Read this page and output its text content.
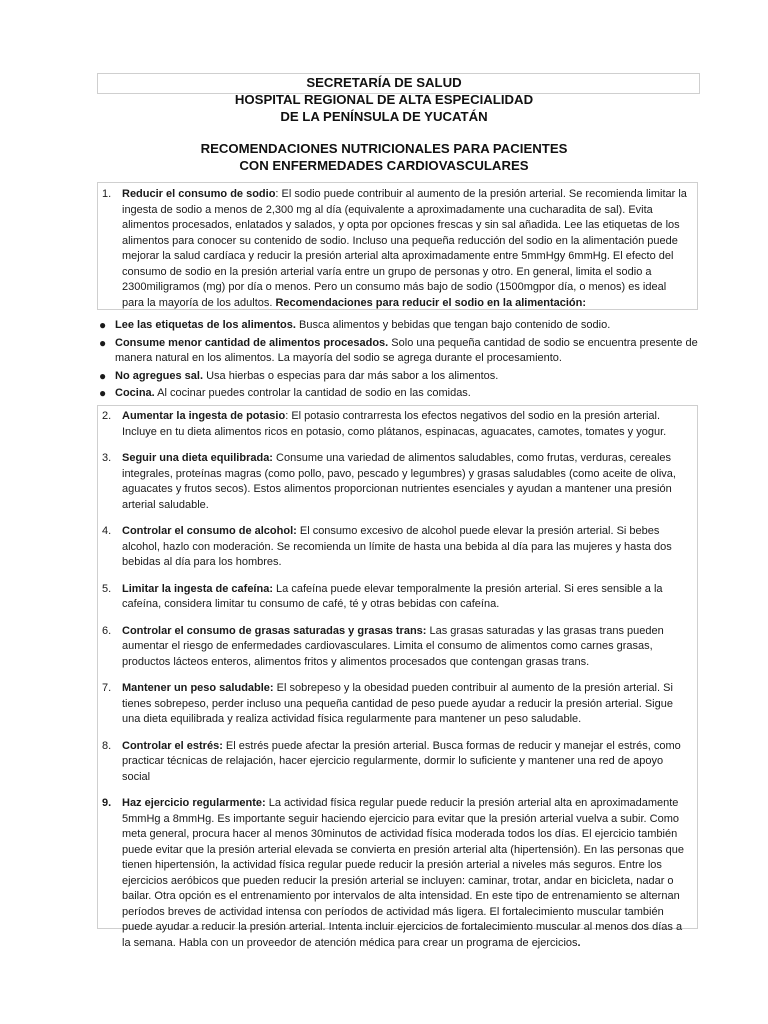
SECRETARÍA DE SALUD
HOSPITAL REGIONAL DE ALTA ESPECIALIDAD
DE LA PENÍNSULA DE YUCATÁN
RECOMENDACIONES NUTRICIONALES PARA PACIENTES
CON ENFERMEDADES CARDIOVASCULARES
1. Reducir el consumo de sodio: El sodio puede contribuir al aumento de la presión arterial. Se recomienda limitar la ingesta de sodio a menos de 2,300 mg al día (equivalente a aproximadamente una cucharadita de sal). Evita alimentos procesados, enlatados y salados, y opta por opciones frescas y sin sal añadida. Lee las etiquetas de los alimentos para conocer su contenido de sodio. Incluso una pequeña reducción del sodio en la alimentación puede mejorar la salud cardíaca y reducir la presión arterial alta aproximadamente entre 5mmHgy 6mmHg. El efecto del consumo de sodio en la presión arterial varía entre un grupo de personas y otro. En general, limita el sodio a 2300miligramos (mg) por día o menos. Pero un consumo más bajo de sodio (1500mgpor día, o menos) es ideal para la mayoría de los adultos. Recomendaciones para reducir el sodio en la alimentación:
● Lee las etiquetas de los alimentos. Busca alimentos y bebidas que tengan bajo contenido de sodio.
● Consume menor cantidad de alimentos procesados. Solo una pequeña cantidad de sodio se encuentra presente de manera natural en los alimentos. La mayoría del sodio se agrega durante el procesamiento.
● No agregues sal. Usa hierbas o especias para dar más sabor a los alimentos.
● Cocina. Al cocinar puedes controlar la cantidad de sodio en las comidas.
2. Aumentar la ingesta de potasio: El potasio contrarresta los efectos negativos del sodio en la presión arterial. Incluye en tu dieta alimentos ricos en potasio, como plátanos, espinacas, aguacates, camotes, tomates y yogur.
3. Seguir una dieta equilibrada: Consume una variedad de alimentos saludables, como frutas, verduras, cereales integrales, proteínas magras (como pollo, pavo, pescado y legumbres) y grasas saludables (como aceite de oliva, aguacates y frutos secos). Estos alimentos proporcionan nutrientes esenciales y ayudan a mantener una presión arterial saludable.
4. Controlar el consumo de alcohol: El consumo excesivo de alcohol puede elevar la presión arterial. Si bebes alcohol, hazlo con moderación. Se recomienda un límite de hasta una bebida al día para las mujeres y hasta dos bebidas al día para los hombres.
5. Limitar la ingesta de cafeína: La cafeína puede elevar temporalmente la presión arterial. Si eres sensible a la cafeína, considera limitar tu consumo de café, té y otras bebidas con cafeína.
6. Controlar el consumo de grasas saturadas y grasas trans: Las grasas saturadas y las grasas trans pueden aumentar el riesgo de enfermedades cardiovasculares. Limita el consumo de alimentos como carnes grasas, productos lácteos enteros, alimentos fritos y alimentos procesados que contengan grasas trans.
7. Mantener un peso saludable: El sobrepeso y la obesidad pueden contribuir al aumento de la presión arterial. Si tienes sobrepeso, perder incluso una pequeña cantidad de peso puede ayudar a reducir la presión arterial. Sigue una dieta equilibrada y realiza actividad física regularmente para mantener un peso saludable.
8. Controlar el estrés: El estrés puede afectar la presión arterial. Busca formas de reducir y manejar el estrés, como practicar técnicas de relajación, hacer ejercicio regularmente, dormir lo suficiente y mantener una red de apoyo social
9. Haz ejercicio regularmente: La actividad física regular puede reducir la presión arterial alta en aproximadamente 5mmHg a 8mmHg. Es importante seguir haciendo ejercicio para evitar que la presión arterial vuelva a subir. Como meta general, procura hacer al menos 30minutos de actividad física moderada todos los días. El ejercicio también puede evitar que la presión arterial elevada se convierta en presión arterial alta (hipertensión). En las personas que tienen hipertensión, la actividad física regular puede reducir la presión arterial a niveles más seguros. Entre los ejercicios aeróbicos que pueden reducir la presión arterial se incluyen: caminar, trotar, andar en bicicleta, nadar o bailar. Otra opción es el entrenamiento por intervalos de alta intensidad. En este tipo de entrenamiento se alternan períodos breves de actividad intensa con períodos de actividad más ligera. El fortalecimiento muscular también puede ayudar a reducir la presión arterial. Intenta incluir ejercicios de fortalecimiento muscular al menos dos días a la semana. Habla con un proveedor de atención médica para crear un programa de ejercicios.
